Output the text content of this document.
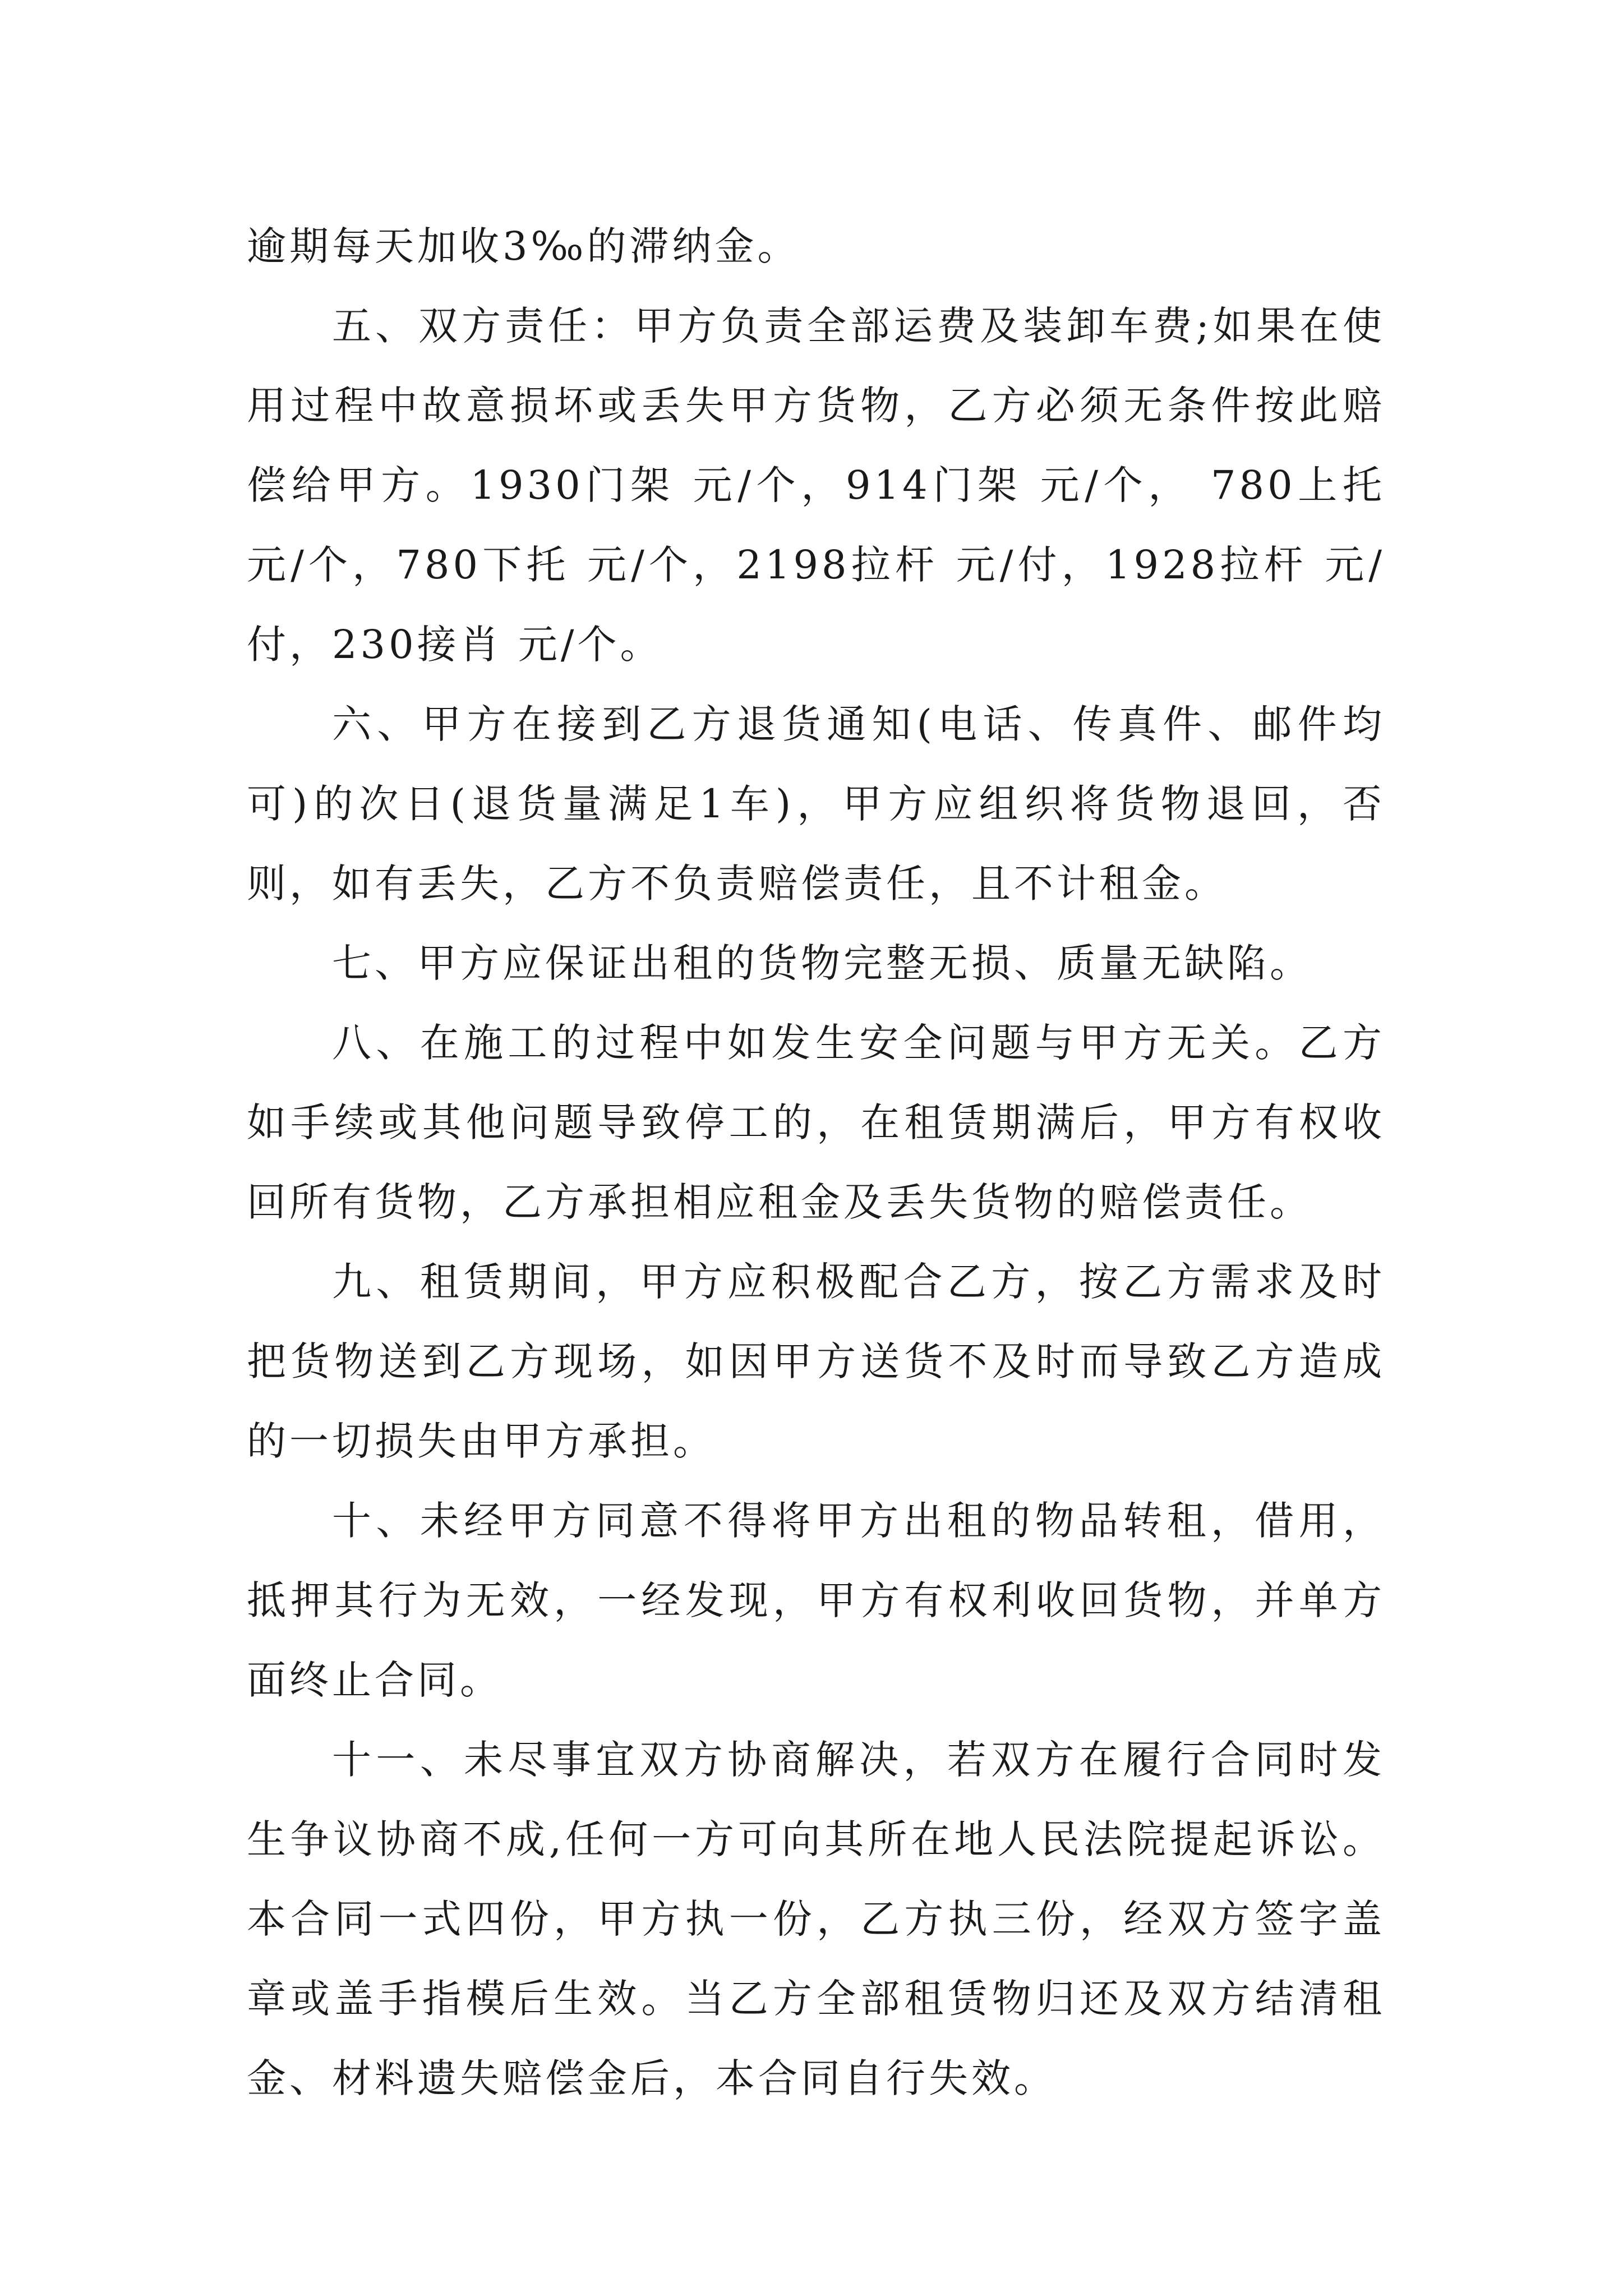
逾期每天加收3‰的滞纳金。

五、双方责任：甲方负责全部运费及装卸车费;如果在使用过程中故意损坏或丢失甲方货物，乙方必须无条件按此赔偿给甲方。1930门架 元/个，914门架 元/个， 780上托元/个，780下托 元/个，2198拉杆 元/付，1928拉杆 元/付，230接肖 元/个。

六、甲方在接到乙方退货通知(电话、传真件、邮件均可)的次日(退货量满足1车)，甲方应组织将货物退回，否则，如有丢失，乙方不负责赔偿责任，且不计租金。

七、甲方应保证出租的货物完整无损、质量无缺陷。

八、在施工的过程中如发生安全问题与甲方无关。乙方如手续或其他问题导致停工的，在租赁期满后，甲方有权收回所有货物，乙方承担相应租金及丢失货物的赔偿责任。

九、租赁期间，甲方应积极配合乙方，按乙方需求及时把货物送到乙方现场，如因甲方送货不及时而导致乙方造成的一切损失由甲方承担。

十、未经甲方同意不得将甲方出租的物品转租，借用，抵押其行为无效，一经发现，甲方有权利收回货物，并单方面终止合同。

十一、未尽事宜双方协商解决，若双方在履行合同时发生争议协商不成,任何一方可向其所在地人民法院提起诉讼。本合同一式四份，甲方执一份，乙方执三份，经双方签字盖章或盖手指模后生效。当乙方全部租赁物归还及双方结清租金、材料遗失赔偿金后，本合同自行失效。
